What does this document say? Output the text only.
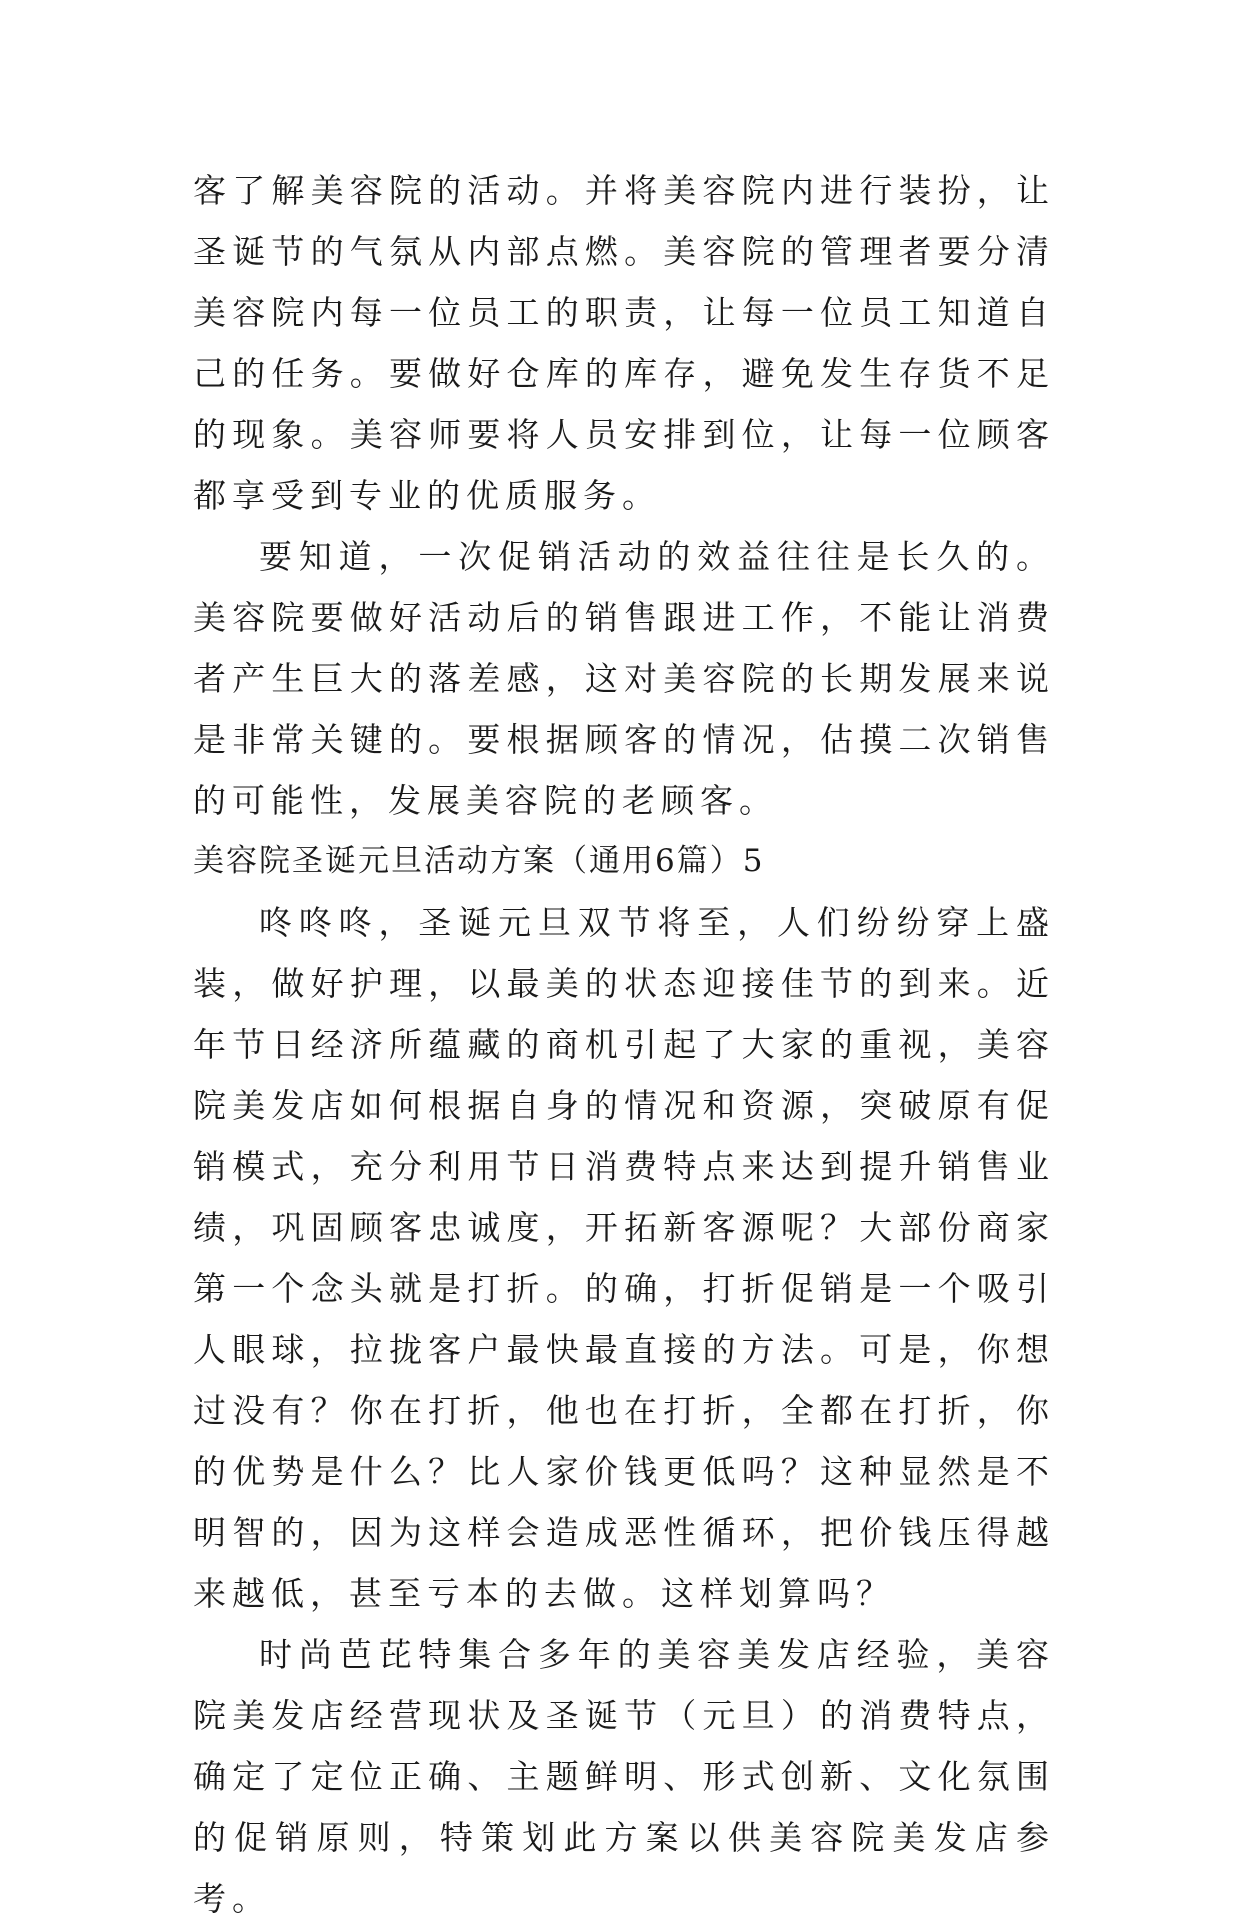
客了解美容院的活动。并将美容院内进行装扮，让圣诞节的气氛从内部点燃。美容院的管理者要分清美容院内每一位员工的职责，让每一位员工知道自己的任务。要做好仓库的库存，避免发生存货不足的现象。美容师要将人员安排到位，让每一位顾客都享受到专业的优质服务。

要知道，一次促销活动的效益往往是长久的。美容院要做好活动后的销售跟进工作，不能让消费者产生巨大的落差感，这对美容院的长期发展来说是非常关键的。要根据顾客的情况，估摸二次销售的可能性，发展美容院的老顾客。

美容院圣诞元旦活动方案（通用6篇）5

咚咚咚，圣诞元旦双节将至，人们纷纷穿上盛装，做好护理，以最美的状态迎接佳节的到来。近年节日经济所蕴藏的商机引起了大家的重视，美容院美发店如何根据自身的情况和资源，突破原有促销模式，充分利用节日消费特点来达到提升销售业绩，巩固顾客忠诚度，开拓新客源呢？大部份商家第一个念头就是打折。的确，打折促销是一个吸引人眼球，拉拢客户最快最直接的方法。可是，你想过没有？你在打折，他也在打折，全都在打折，你的优势是什么？比人家价钱更低吗？这种显然是不明智的，因为这样会造成恶性循环，把价钱压得越来越低，甚至亏本的去做。这样划算吗？

时尚芭芘特集合多年的美容美发店经验，美容院美发店经营现状及圣诞节（元旦）的消费特点，确定了定位正确、主题鲜明、形式创新、文化氛围的促销原则，特策划此方案以供美容院美发店参考。
